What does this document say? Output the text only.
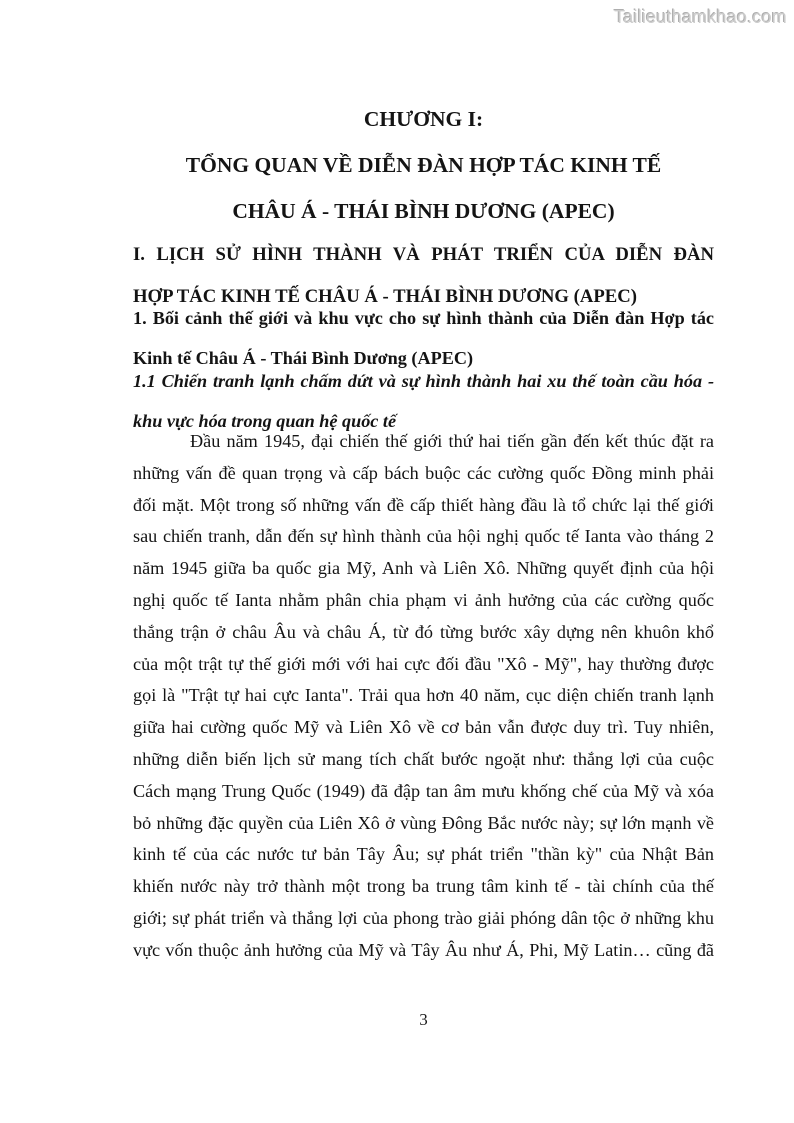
Tailieuthamkhao.com
CHƯƠNG I:
TỔNG QUAN VỀ DIỄN ĐÀN HỢP TÁC KINH TẾ
CHÂU Á - THÁI BÌNH DƯƠNG (APEC)
I. LỊCH SỬ HÌNH THÀNH VÀ PHÁT TRIỂN CỦA DIỄN ĐÀN
HỢP TÁC KINH TẾ CHÂU Á - THÁI BÌNH DƯƠNG (APEC)
1. Bối cảnh thế giới và khu vực cho sự hình thành của Diễn đàn Hợp tác
Kinh tế Châu Á - Thái Bình Dương (APEC)
1.1 Chiến tranh lạnh chấm dứt và sự hình thành hai xu thế toàn cầu hóa -
khu vực hóa trong quan hệ quốc tế
Đầu năm 1945, đại chiến thế giới thứ hai tiến gần đến kết thúc đặt ra
những vấn đề quan trọng và cấp bách buộc các cường quốc Đồng minh phải
đối mặt. Một trong số những vấn đề cấp thiết hàng đầu là tổ chức lại thế giới
sau chiến tranh, dẫn đến sự hình thành của hội nghị quốc tế Ianta vào tháng 2
năm 1945 giữa ba quốc gia Mỹ, Anh và Liên Xô. Những quyết định của hội
nghị quốc tế Ianta nhằm phân chia phạm vi ảnh hưởng của các cường quốc
thắng trận ở châu Âu và châu Á, từ đó từng bước xây dựng nên khuôn khổ
của một trật tự thế giới mới với hai cực đối đầu "Xô - Mỹ", hay thường được
gọi là "Trật tự hai cực Ianta". Trải qua hơn 40 năm, cục diện chiến tranh lạnh
giữa hai cường quốc Mỹ và Liên Xô về cơ bản vẫn được duy trì. Tuy nhiên,
những diễn biến lịch sử mang tích chất bước ngoặt như: thắng lợi của cuộc
Cách mạng Trung Quốc (1949) đã đập tan âm mưu khống chế của Mỹ và xóa
bỏ những đặc quyền của Liên Xô ở vùng Đông Bắc nước này; sự lớn mạnh về
kinh tế của các nước tư bản Tây Âu; sự phát triển "thần kỳ" của Nhật Bản
khiến nước này trở thành một trong ba trung tâm kinh tế - tài chính của thế
giới; sự phát triển và thắng lợi của phong trào giải phóng dân tộc ở những khu
vực vốn thuộc ảnh hưởng của Mỹ và Tây Âu như Á, Phi, Mỹ Latin… cũng đã
3
